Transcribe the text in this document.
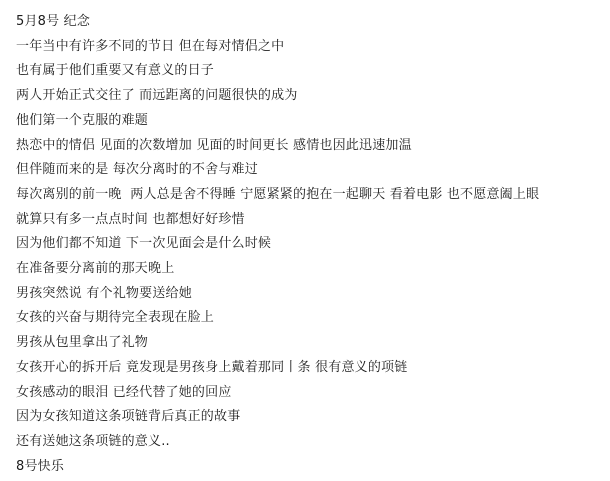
5月8号 纪念
一年当中有许多不同的节日 但在每对情侣之中
也有属于他们重要又有意义的日子
两人开始正式交往了 而远距离的问题很快的成为
他们第一个克服的难题
热恋中的情侣 见面的次数增加 见面的时间更长 感情也因此迅速加温
但伴随而来的是 每次分离时的不舍与难过
每次离别的前一晚  两人总是舍不得睡 宁愿紧紧的抱在一起聊天 看着电影 也不愿意阖上眼
就算只有多一点点时间 也都想好好珍惜
因为他们都不知道 下一次见面会是什么时候
在准备要分离前的那天晚上
男孩突然说 有个礼物要送给她
女孩的兴奋与期待完全表现在脸上
男孩从包里拿出了礼物
女孩开心的拆开后 竟发现是男孩身上戴着那同丨条 很有意义的项链
女孩感动的眼泪 已经代替了她的回应
因为女孩知道这条项链背后真正的故事
还有送她这条项链的意义..
8号快乐
